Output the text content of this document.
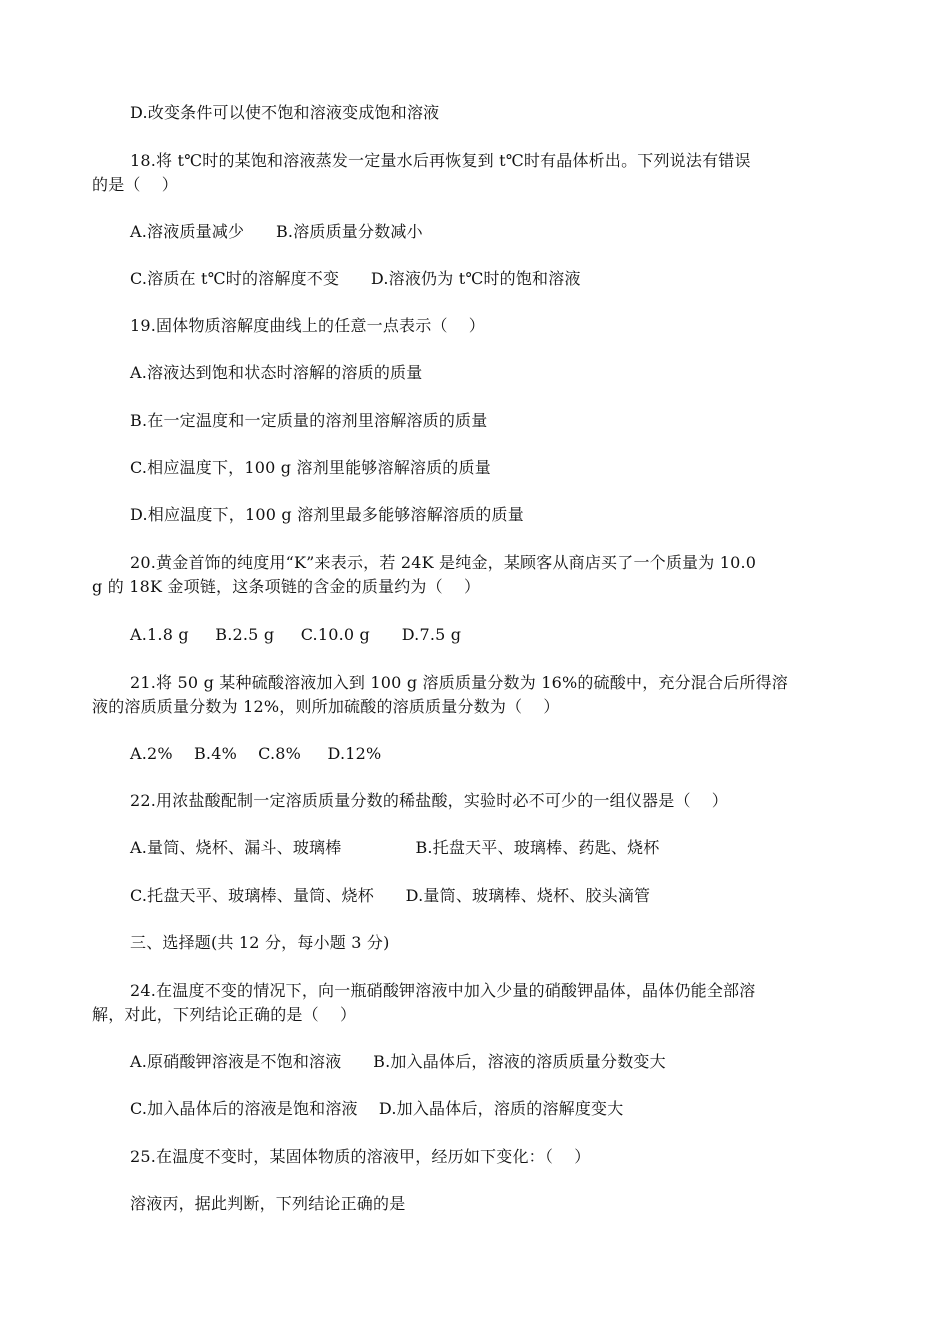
D.改变条件可以使不饱和溶液变成饱和溶液
18.将 t℃时的某饱和溶液蒸发一定量水后再恢复到 t℃时有晶体析出。下列说法有错误
的是（    ）
A.溶液质量减少      B.溶质质量分数减小
C.溶质在 t℃时的溶解度不变      D.溶液仍为 t℃时的饱和溶液
19.固体物质溶解度曲线上的任意一点表示（    ）
A.溶液达到饱和状态时溶解的溶质的质量
B.在一定温度和一定质量的溶剂里溶解溶质的质量
C.相应温度下，100 g 溶剂里能够溶解溶质的质量
D.相应温度下，100 g 溶剂里最多能够溶解溶质的质量
20.黄金首饰的纯度用“K”来表示，若 24K 是纯金，某顾客从商店买了一个质量为 10.0
g 的 18K 金项链，这条项链的含金的质量约为（    ）
A.1.8 g     B.2.5 g     C.10.0 g      D.7.5 g
21.将 50 g 某种硫酸溶液加入到 100 g 溶质质量分数为 16%的硫酸中，充分混合后所得溶
液的溶质质量分数为 12%，则所加硫酸的溶质质量分数为（    ）
A.2%    B.4%    C.8%     D.12%
22.用浓盐酸配制一定溶质质量分数的稀盐酸，实验时必不可少的一组仪器是（    ）
A.量筒、烧杯、漏斗、玻璃棒              B.托盘天平、玻璃棒、药匙、烧杯
C.托盘天平、玻璃棒、量筒、烧杯      D.量筒、玻璃棒、烧杯、胶头滴管
三、选择题(共 12 分，每小题 3 分)
24.在温度不变的情况下，向一瓶硝酸钾溶液中加入少量的硝酸钾晶体，晶体仍能全部溶
解，对此，下列结论正确的是（    ）
A.原硝酸钾溶液是不饱和溶液      B.加入晶体后，溶液的溶质质量分数变大
C.加入晶体后的溶液是饱和溶液    D.加入晶体后，溶质的溶解度变大
25.在温度不变时，某固体物质的溶液甲，经历如下变化：（    ）
溶液丙，据此判断，下列结论正确的是
